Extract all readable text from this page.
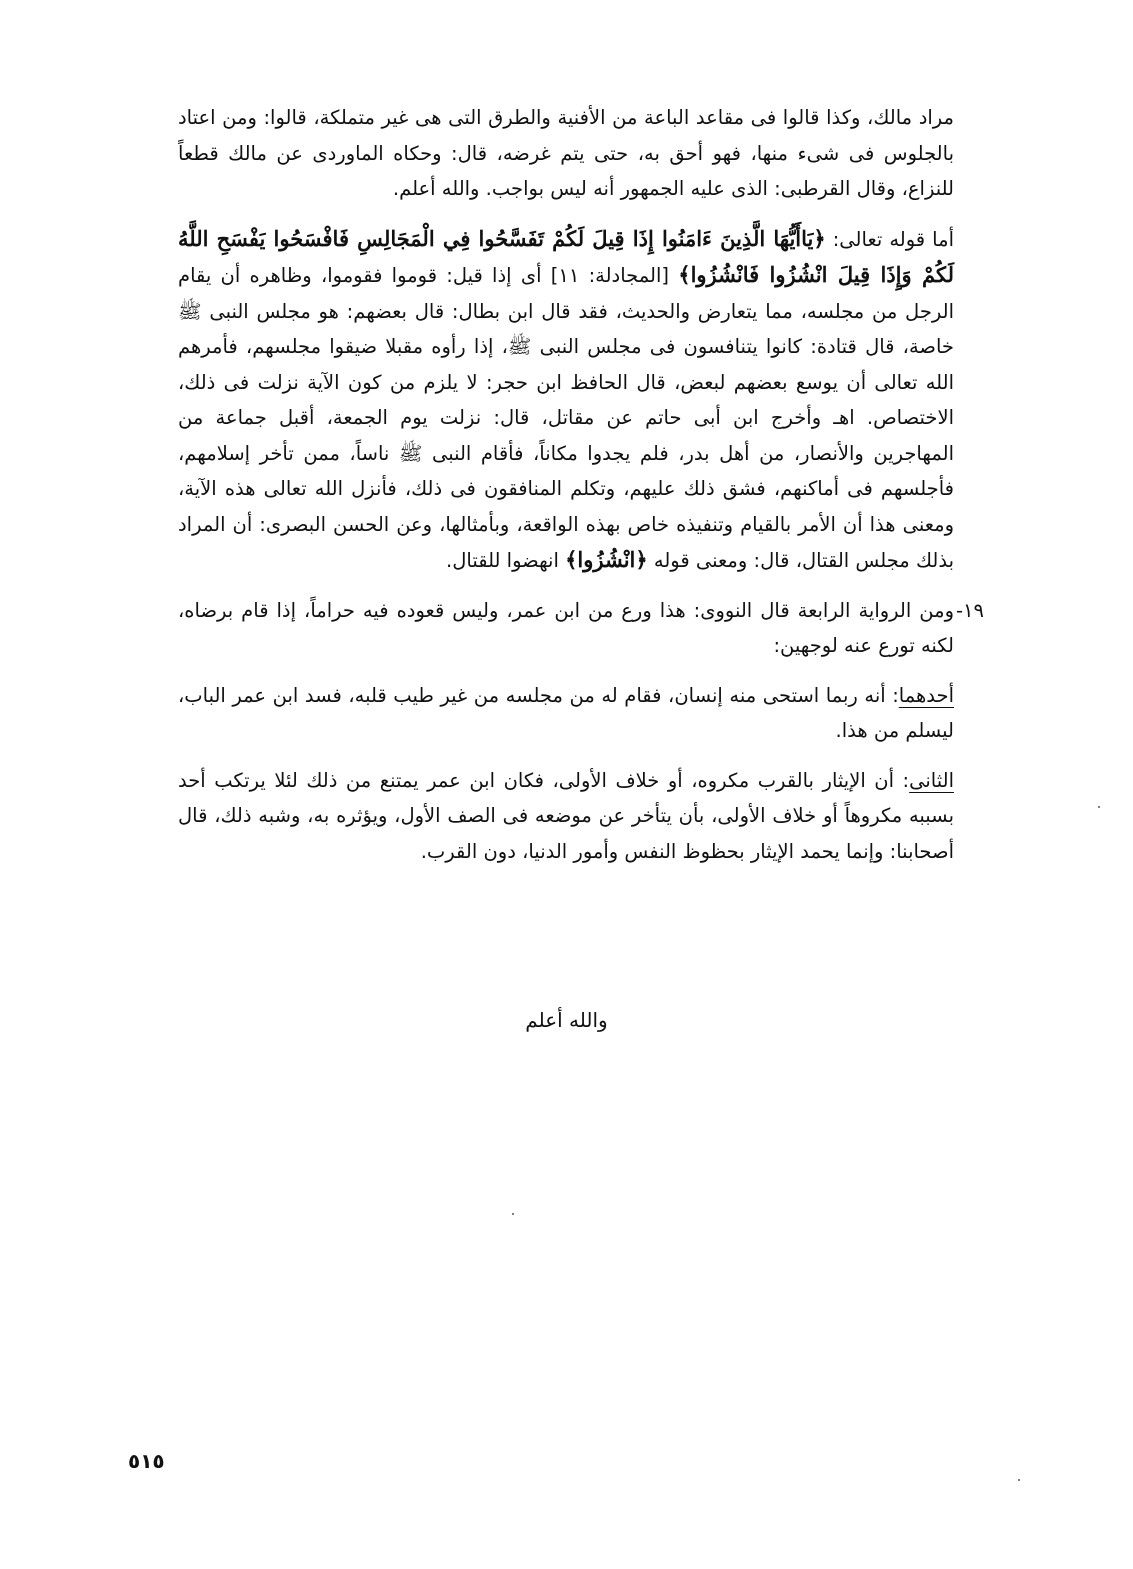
مراد مالك، وكذا قالوا فى مقاعد الباعة من الأفنية والطرق التى هى غير متملكة، قالوا: ومن اعتاد بالجلوس فى شىء منها، فهو أحق به، حتى يتم غرضه، قال: وحكاه الماوردى عن مالك قطعاً للنزاع، وقال القرطبى: الذى عليه الجمهور أنه ليس بواجب. والله أعلم.

أما قوله تعالى: ﴿يَاأَيُّهَا الَّذِينَ ءَامَنُوا إِذَا قِيلَ لَكُمْ تَفَسَّحُوا فِي الْمَجَالِسِ فَافْسَحُوا يَفْسَحِ اللَّهُ لَكُمْ وَإِذَا قِيلَ انْشُزُوا فَانْشُزُوا﴾ [المجادلة: ١١] أى إذا قيل: قوموا فقوموا، وظاهره أن يقام الرجل من مجلسه، مما يتعارض والحديث، فقد قال ابن بطال: قال بعضهم: هو مجلس النبى ﷺ خاصة، قال قتادة: كانوا يتنافسون فى مجلس النبى ﷺ، إذا رأوه مقبلا ضيقوا مجلسهم، فأمرهم الله تعالى أن يوسع بعضهم لبعض، قال الحافظ ابن حجر: لا يلزم من كون الآية نزلت فى ذلك، الاختصاص. اهـ وأخرج ابن أبى حاتم عن مقاتل، قال: نزلت يوم الجمعة، أقبل جماعة من المهاجرين والأنصار، من أهل بدر، فلم يجدوا مكاناً، فأقام النبى ﷺ ناساً، ممن تأخر إسلامهم، فأجلسهم فى أماكنهم، فشق ذلك عليهم، وتكلم المنافقون فى ذلك، فأنزل الله تعالى هذه الآية، ومعنى هذا أن الأمر بالقيام وتنفيذه خاص بهذه الواقعة، وبأمثالها، وعن الحسن البصرى: أن المراد بذلك مجلس القتال، قال: ومعنى قوله ﴿انْشُزُوا﴾ انهضوا للقتال.

١٩-
ومن الرواية الرابعة قال النووى: هذا ورع من ابن عمر، وليس قعوده فيه حراماً، إذا قام برضاه، لكنه تورع عنه لوجهين:

أحدهما: أنه ربما استحى منه إنسان، فقام له من مجلسه من غير طيب قلبه، فسد ابن عمر الباب، ليسلم من هذا.

الثانى: أن الإيثار بالقرب مكروه، أو خلاف الأولى، فكان ابن عمر يمتنع من ذلك لئلا يرتكب أحد بسببه مكروهاً أو خلاف الأولى، بأن يتأخر عن موضعه فى الصف الأول، ويؤثره به، وشبه ذلك، قال أصحابنا: وإنما يحمد الإيثار بحظوظ النفس وأمور الدنيا، دون القرب.

والله أعلم
٥١٥
